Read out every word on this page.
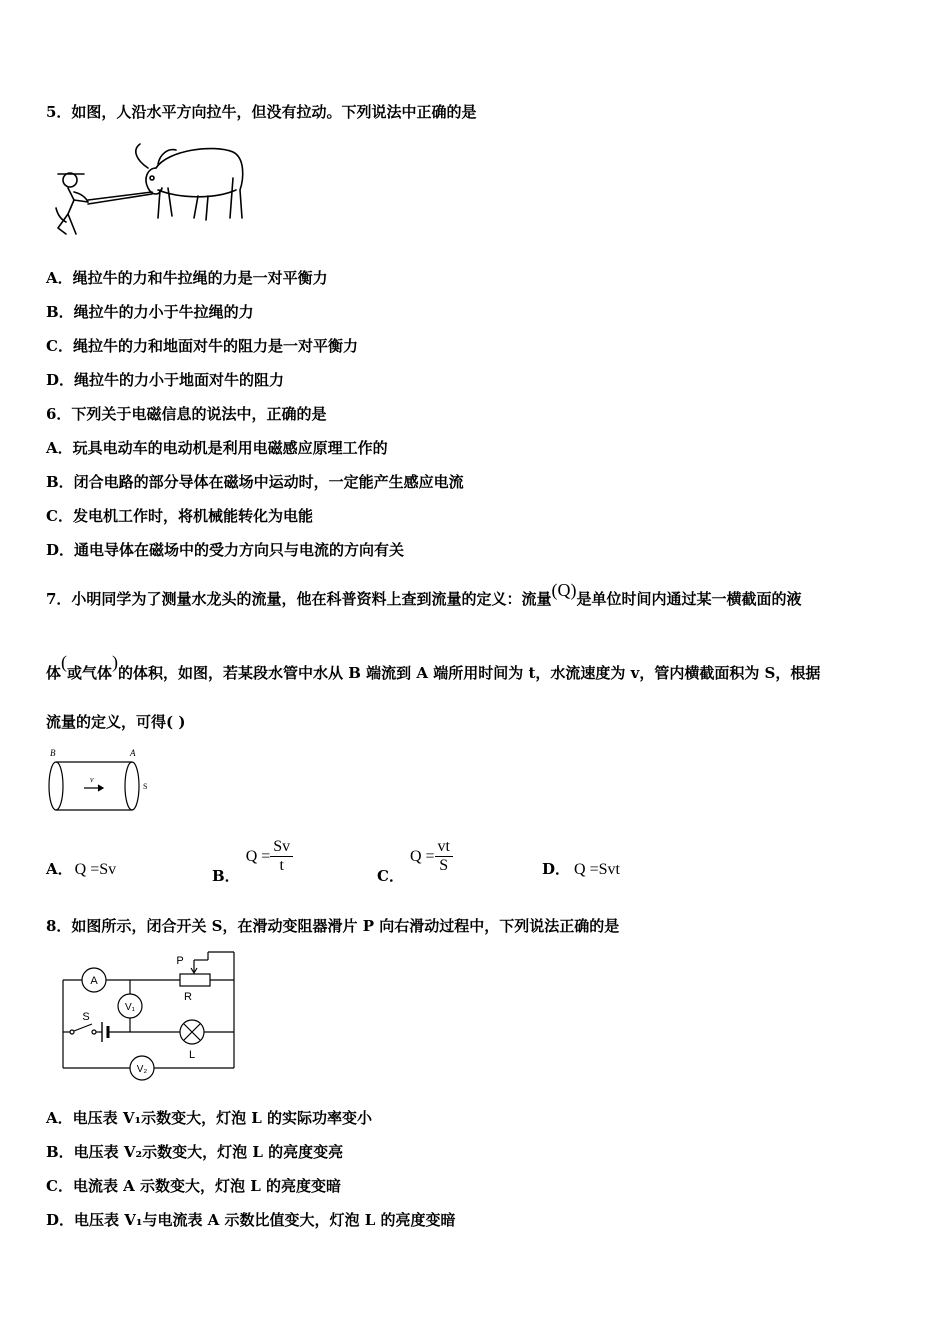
5．如图，人沿水平方向拉牛，但没有拉动。下列说法中正确的是
A．绳拉牛的力和牛拉绳的力是一对平衡力
B．绳拉牛的力小于牛拉绳的力
C．绳拉牛的力和地面对牛的阻力是一对平衡力
D．绳拉牛的力小于地面对牛的阻力
6．下列关于电磁信息的说法中，正确的是
A．玩具电动车的电动机是利用电磁感应原理工作的
B．闭合电路的部分导体在磁场中运动时，一定能产生感应电流
C．发电机工作时，将机械能转化为电能
D．通电导体在磁场中的受力方向只与电流的方向有关
7．小明同学为了测量水龙头的流量，他在科普资料上查到流量的定义：流量(Q)是单位时间内通过某一横截面的液
体(或气体)的体积，如图，若某段水管中水从 B 端流到 A 端所用时间为 t，水流速度为 v，管内横截面积为 S，根据
流量的定义，可得( )
B	A
v
S
A． Q =Sv	B．$Q = \frac{Sv}{t}$
C．$Q = \frac{vt}{S}$	D． Q =Svt
8．如图所示，闭合开关 S，在滑动变阻器滑片 P 向右滑动过程中，下列说法正确的是
A
P
R
V₁
S
L
V₂
A．电压表 V₁示数变大，灯泡 L 的实际功率变小
B．电压表 V₂示数变大，灯泡 L 的亮度变亮
C．电流表 A 示数变大，灯泡 L 的亮度变暗
D．电压表 V₁与电流表 A 示数比值变大，灯泡 L 的亮度变暗
